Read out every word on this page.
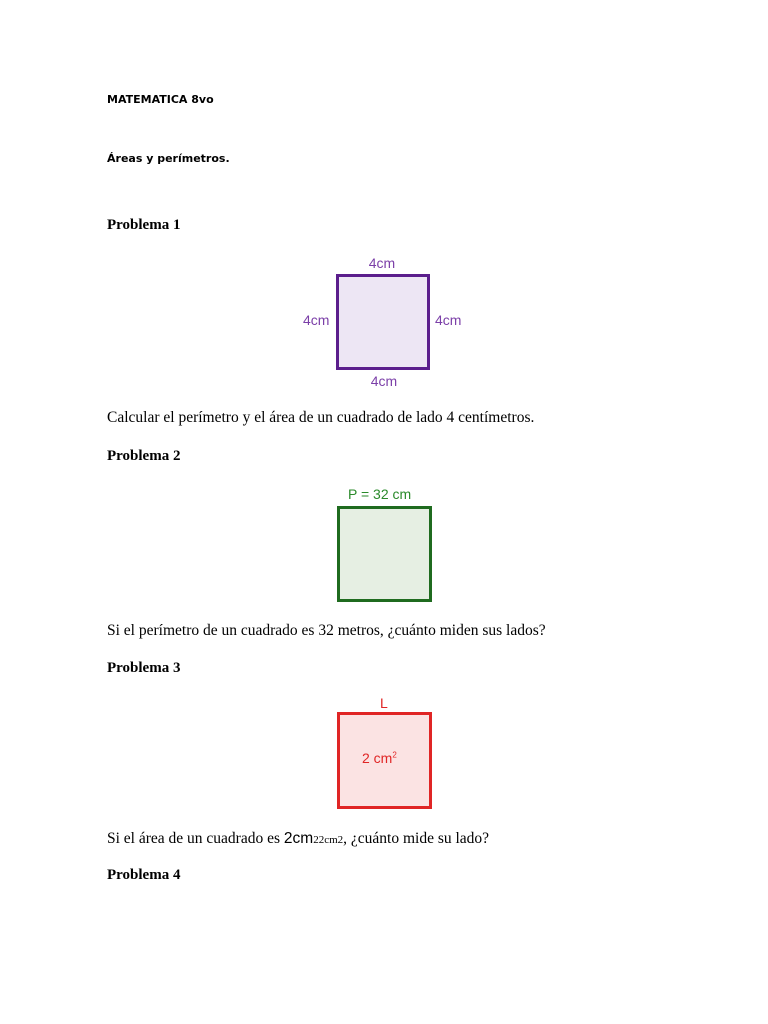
MATEMATICA 8vo
Áreas y perímetros.
Problema 1
4cm
4cm	4cm
4cm
Calcular el perímetro y el área de un cuadrado de lado 4 centímetros.
Problema 2
P = 32 cm
Si el perímetro de un cuadrado es 32 metros, ¿cuánto miden sus lados?
Problema 3
L
2 $cm^2$
Si el área de un cuadrado es 2cm22cm2, ¿cuánto mide su lado?
Problema 4
